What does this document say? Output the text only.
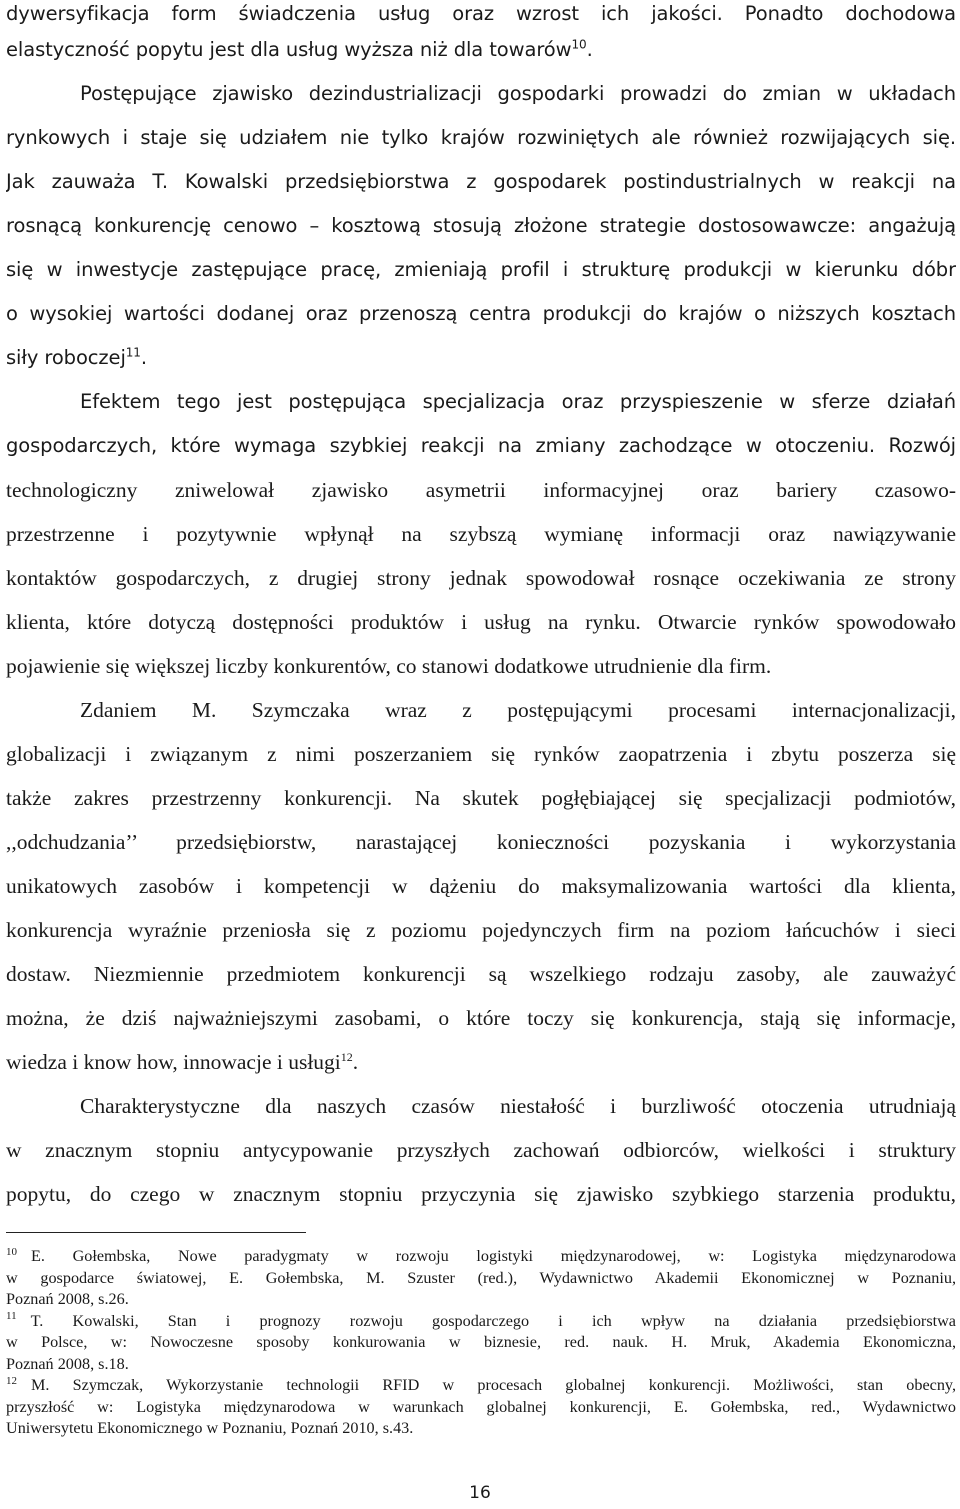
dywersyfikacja form świadczenia usług oraz wzrost ich jakości. Ponadto dochodowa
elastyczność popytu jest dla usług wyższa niż dla towarów$^{10}$.
Postępujące zjawisko dezindustrializacji gospodarki prowadzi do zmian w układach
rynkowych i staje się udziałem nie tylko krajów rozwiniętych ale również rozwijających się.
Jak zauważa T. Kowalski przedsiębiorstwa z gospodarek postindustrialnych w reakcji na
rosnącą konkurencję cenowo – kosztową stosują złożone strategie dostosowawcze: angażują
się w inwestycje zastępujące pracę, zmieniają profil i strukturę produkcji w kierunku dóbr
o wysokiej wartości dodanej oraz przenoszą centra produkcji do krajów o niższych kosztach
siły roboczej$^{11}$.
Efektem tego jest postępująca specjalizacja oraz przyspieszenie w sferze działań
gospodarczych, które wymaga szybkiej reakcji na zmiany zachodzące w otoczeniu. Rozwój
technologiczny zniwelował zjawisko asymetrii informacyjnej oraz bariery czasowo-
przestrzenne i pozytywnie wpłynął na szybszą wymianę informacji oraz nawiązywanie
kontaktów gospodarczych, z drugiej strony jednak spowodował rosnące oczekiwania ze strony
klienta, które dotyczą dostępności produktów i usług na rynku. Otwarcie rynków spowodowało
pojawienie się większej liczby konkurentów, co stanowi dodatkowe utrudnienie dla firm.
Zdaniem M. Szymczaka wraz z postępującymi procesami internacjonalizacji,
globalizacji i związanym z nimi poszerzaniem się rynków zaopatrzenia i zbytu poszerza się
także zakres przestrzenny konkurencji. Na skutek pogłębiającej się specjalizacji podmiotów,
,,odchudzania’’ przedsiębiorstw, narastającej konieczności pozyskania i wykorzystania
unikatowych zasobów i kompetencji w dążeniu do maksymalizowania wartości dla klienta,
konkurencja wyraźnie przeniosła się z poziomu pojedynczych firm na poziom łańcuchów i sieci
dostaw. Niezmiennie przedmiotem konkurencji są wszelkiego rodzaju zasoby, ale zauważyć
można, że dziś najważniejszymi zasobami, o które toczy się konkurencja, stają się informacje,
wiedza i know how, innowacje i usługi$^{12}$.
Charakterystyczne dla naszych czasów niestałość i burzliwość otoczenia utrudniają
w znacznym stopniu antycypowanie przyszłych zachowań odbiorców, wielkości i struktury
popytu, do czego w znacznym stopniu przyczynia się zjawisko szybkiego starzenia produktu,
$^{10}$ E. Gołembska, Nowe paradygmaty w rozwoju logistyki międzynarodowej, w: Logistyka międzynarodowa
w gospodarce światowej, E. Gołembska, M. Szuster (red.), Wydawnictwo Akademii Ekonomicznej w Poznaniu,
Poznań 2008, s.26.
$^{11}$ T. Kowalski, Stan i prognozy rozwoju gospodarczego i ich wpływ na działania przedsiębiorstwa
w Polsce, w: Nowoczesne sposoby konkurowania w biznesie, red. nauk. H. Mruk, Akademia Ekonomiczna,
Poznań 2008, s.18.
$^{12}$ M. Szymczak, Wykorzystanie technologii RFID w procesach globalnej konkurencji. Możliwości, stan obecny,
przyszłość w: Logistyka międzynarodowa w warunkach globalnej konkurencji, E. Gołembska, red., Wydawnictwo
Uniwersytetu Ekonomicznego w Poznaniu, Poznań 2010, s.43.
16
